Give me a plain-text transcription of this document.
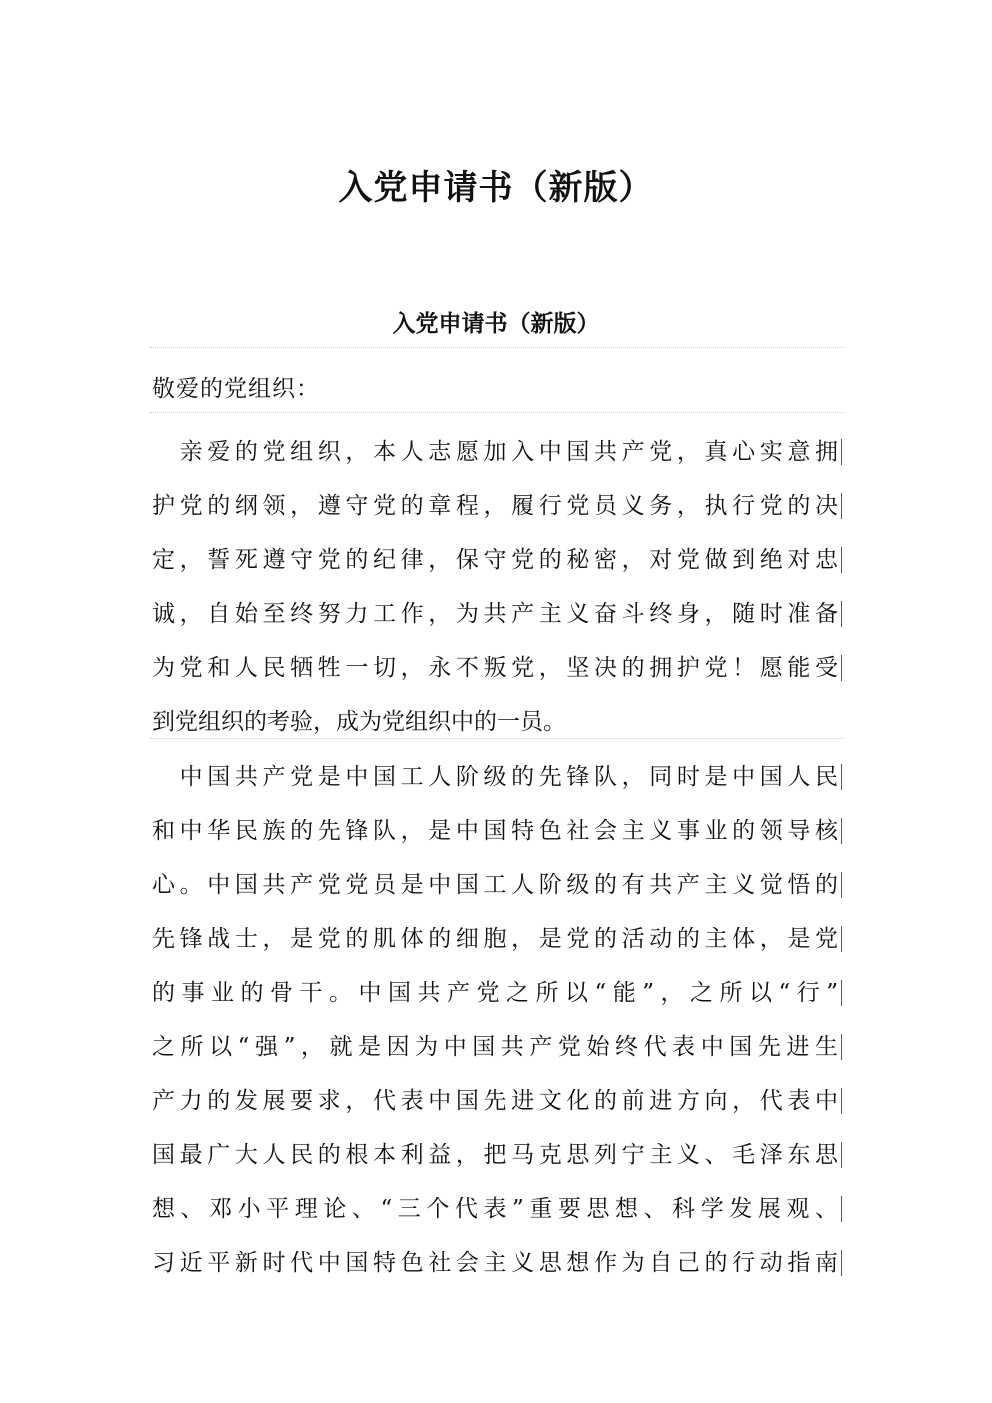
入党申请书（新版）
入党申请书（新版）
敬爱的党组织：
　亲爱的党组织，本人志愿加入中国共产党，真心实意拥
护党的纲领，遵守党的章程，履行党员义务，执行党的决
定，誓死遵守党的纪律，保守党的秘密，对党做到绝对忠
诚，自始至终努力工作，为共产主义奋斗终身，随时准备
为党和人民牺牲一切，永不叛党，坚决的拥护党！愿能受
到党组织的考验，成为党组织中的一员。
　中国共产党是中国工人阶级的先锋队，同时是中国人民
和中华民族的先锋队，是中国特色社会主义事业的领导核
心。中国共产党党员是中国工人阶级的有共产主义觉悟的
先锋战士，是党的肌体的细胞，是党的活动的主体，是党
的事业的骨干。中国共产党之所以“能”，之所以“行”
之所以“强”，就是因为中国共产党始终代表中国先进生
产力的发展要求，代表中国先进文化的前进方向，代表中
国最广大人民的根本利益，把马克思列宁主义、毛泽东思
想、邓小平理论、“三个代表”重要思想、科学发展观、
习近平新时代中国特色社会主义思想作为自己的行动指南
